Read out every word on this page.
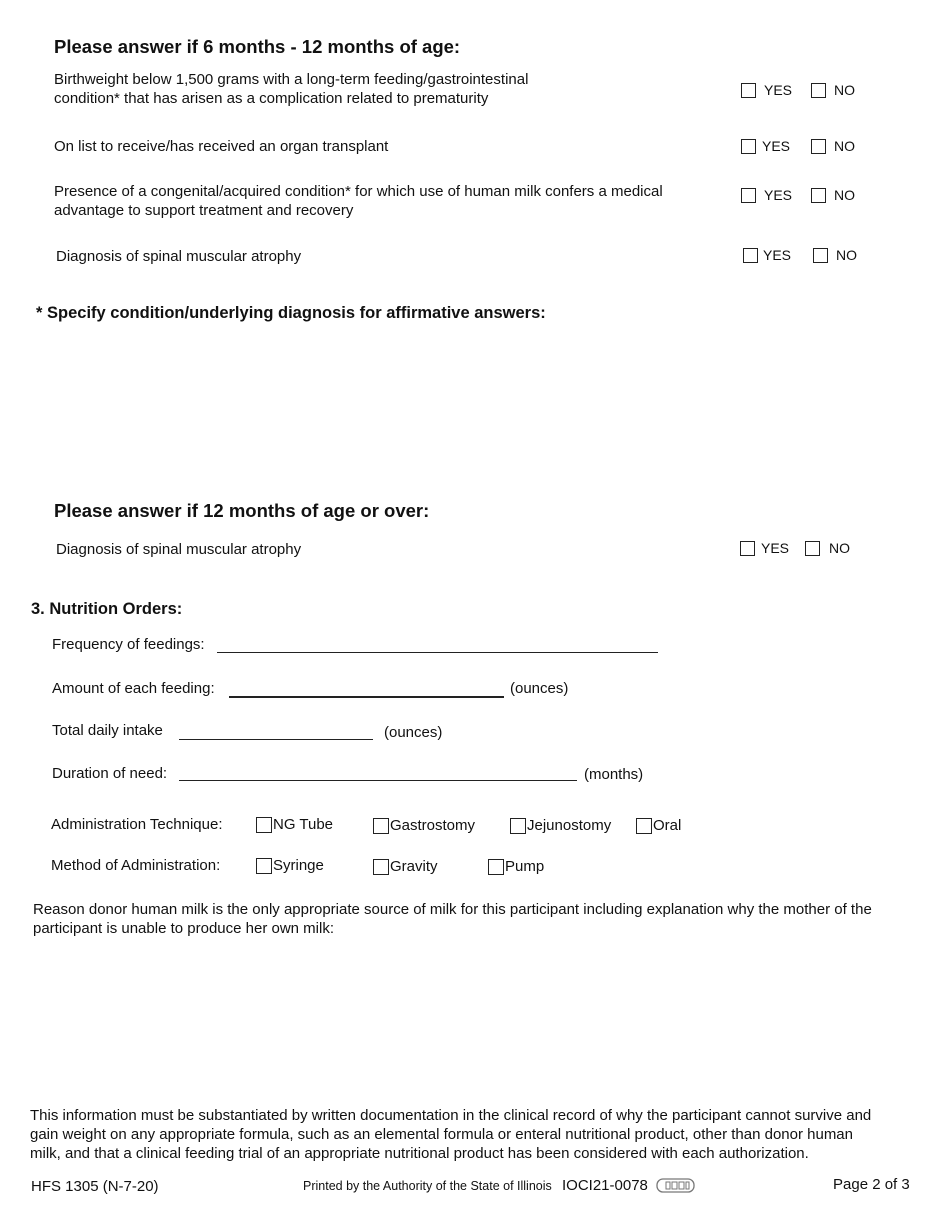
Please answer if 6 months - 12 months of age:
Birthweight below 1,500 grams with a long-term feeding/gastrointestinal
condition* that has arisen as a complication related to prematurity	YES	NO
On list to receive/has received an organ transplant	YES	NO
Presence of a congenital/acquired condition* for which use of human milk confers a medical
advantage to support treatment and recovery
YES	NO
Diagnosis of spinal muscular atrophy	YES	NO
* Specify condition/underlying diagnosis for affirmative answers:
Please answer if 12 months of age or over:
Diagnosis of spinal muscular atrophy	YES	NO
3. Nutrition Orders:
Frequency of feedings:
Amount of each feeding:	(ounces)
Total daily intake	(ounces)
Duration of need:	(months)
Administration Technique:	NG Tube	Gastrostomy	Jejunostomy	Oral
Method of Administration:	Syringe	Gravity	Pump
Reason donor human milk is the only appropriate source of milk for this participant including explanation why the mother of the
participant is unable to produce her own milk:
This information must be substantiated by written documentation in the clinical record of why the participant cannot survive and
gain weight on any appropriate formula, such as an elemental formula or enteral nutritional product, other than donor human
milk, and that a clinical feeding trial of an appropriate nutritional product has been considered with each authorization.
HFS 1305 (N-7-20)	Printed by the Authority of the State of Illinois IOCI21-0078	Page 2 of 3
